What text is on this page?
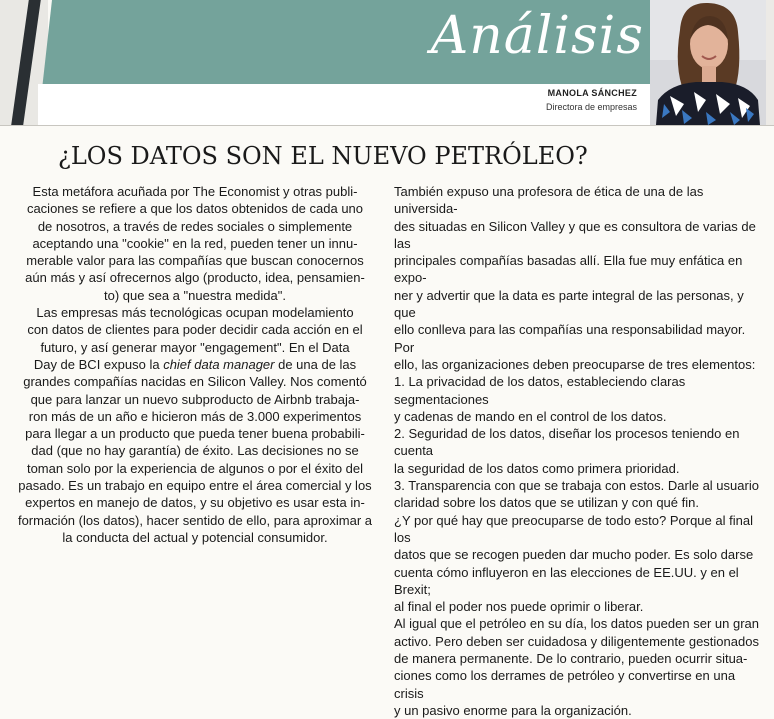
Análisis
MANOLA SÁNCHEZ
Directora de empresas
¿LOS DATOS SON EL NUEVO PETRÓLEO?

Esta metáfora acuñada por The Economist y otras publi-

caciones se refiere a que los datos obtenidos de cada uno

de nosotros, a través de redes sociales o simplemente

aceptando una "cookie" en la red, pueden tener un innu-

merable valor para las compañías que buscan conocernos

aún más y así ofrecernos algo (producto, idea, pensamien-

to) que sea a "nuestra medida".

Las empresas más tecnológicas ocupan modelamiento

con datos de clientes para poder decidir cada acción en el

futuro, y así generar mayor "engagement". En el Data

Day de BCI expuso la chief data manager de una de las

grandes compañías nacidas en Silicon Valley. Nos comentó

que para lanzar un nuevo subproducto de Airbnb trabaja-

ron más de un año e hicieron más de 3.000 experimentos

para llegar a un producto que pueda tener buena probabili-

dad (que no hay garantía) de éxito. Las decisiones no se

toman solo por la experiencia de algunos o por el éxito del

pasado. Es un trabajo en equipo entre el área comercial y los

expertos en manejo de datos, y su objetivo es usar esta in-

formación (los datos), hacer sentido de ello, para aproximar a

la conducta del actual y potencial consumidor.

También expuso una profesora de ética de una de las universida-

des situadas en Silicon Valley y que es consultora de varias de las

principales compañías basadas allí. Ella fue muy enfática en expo-

ner y advertir que la data es parte integral de las personas, y que

ello conlleva para las compañías una responsabilidad mayor. Por

ello, las organizaciones deben preocuparse de tres elementos:

1. La privacidad de los datos, estableciendo claras segmentaciones

y cadenas de mando en el control de los datos.

2. Seguridad de los datos, diseñar los procesos teniendo en cuenta

la seguridad de los datos como primera prioridad.

3. Transparencia con que se trabaja con estos. Darle al usuario

claridad sobre los datos que se utilizan y con qué fin.

¿Y por qué hay que preocuparse de todo esto? Porque al final los

datos que se recogen pueden dar mucho poder. Es solo darse

cuenta cómo influyeron en las elecciones de EE.UU. y en el Brexit;

al final el poder nos puede oprimir o liberar.

Al igual que el petróleo en su día, los datos pueden ser un gran

activo. Pero deben ser cuidadosa y diligentemente gestionados

de manera permanente. De lo contrario, pueden ocurrir situa-

ciones como los derrames de petróleo y convertirse en una crisis

y un pasivo enorme para la organización.
